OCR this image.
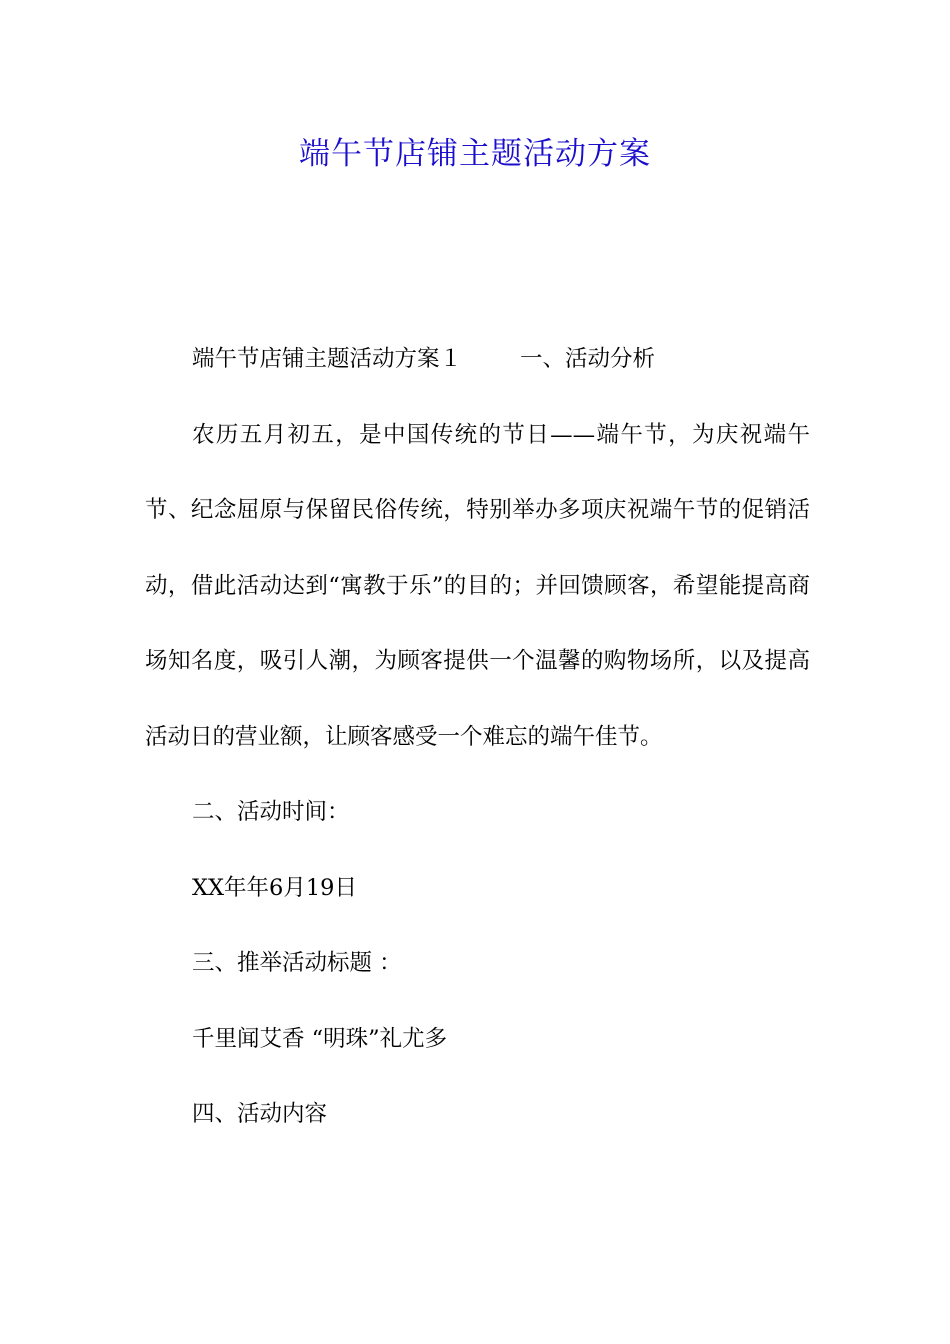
端午节店铺主题活动方案

端午节店铺主题活动方案１	一、活动分析

农历五月初五，是中国传统的节日——端午节，为庆祝端午节、纪念屈原与保留民俗传统，特别举办多项庆祝端午节的促销活动，借此活动达到“寓教于乐”的目的；并回馈顾客，希望能提高商场知名度，吸引人潮，为顾客提供一个温馨的购物场所，以及提高活动日的营业额，让顾客感受一个难忘的端午佳节。

二、活动时间：

XX年年6月19日

三、推举活动标题 ：

千里闻艾香 “明珠”礼尤多

四、活动内容
